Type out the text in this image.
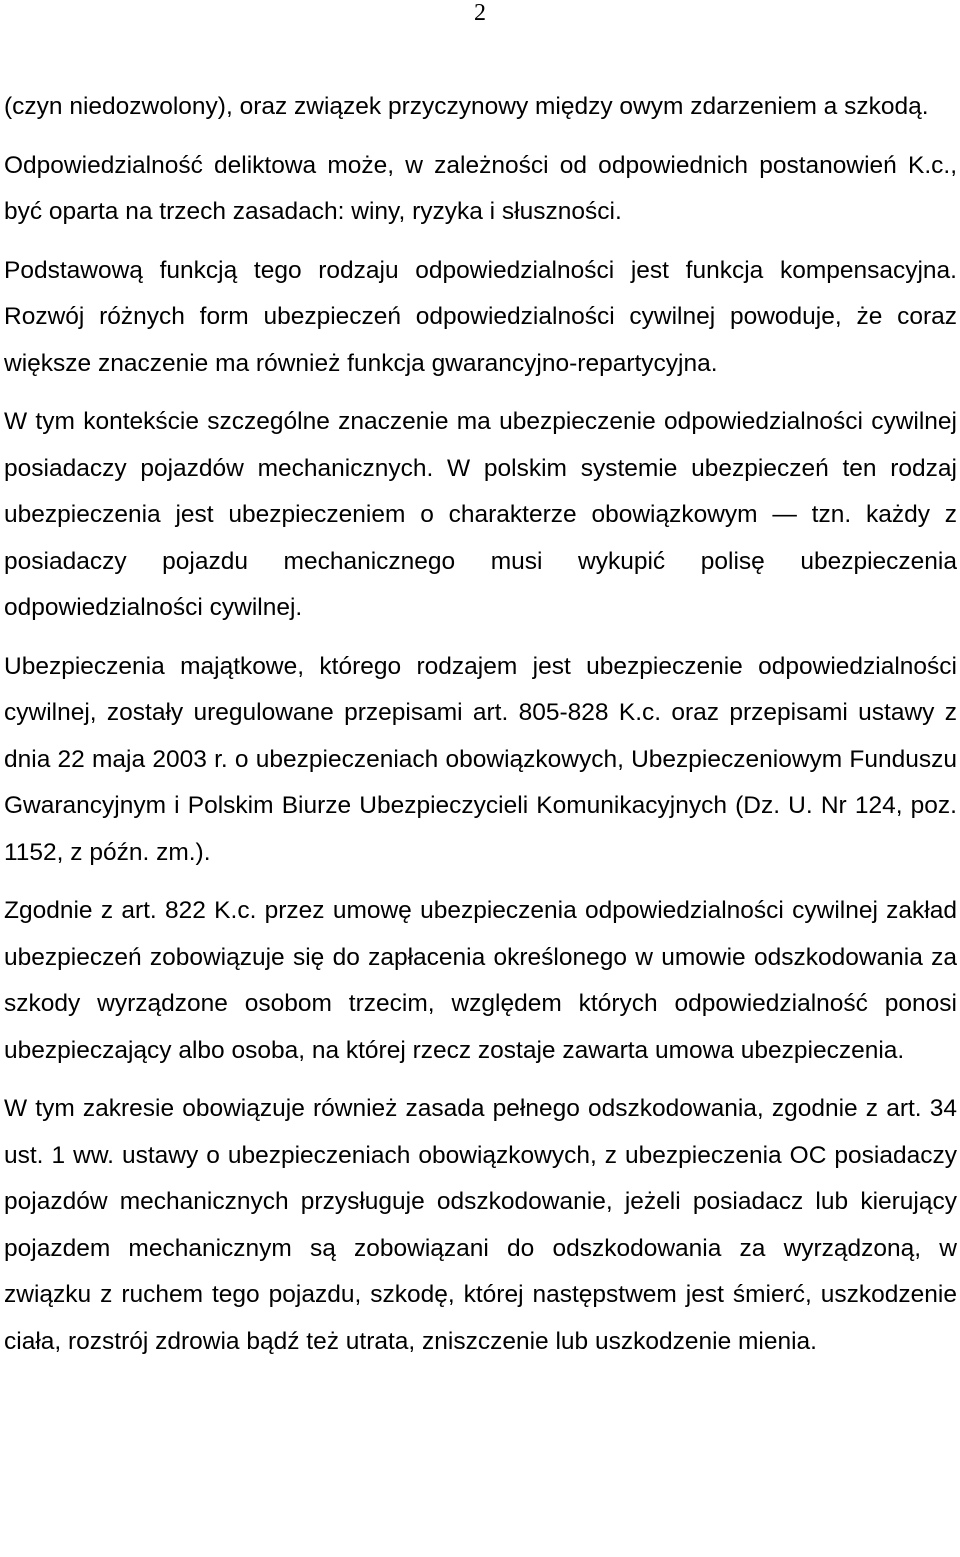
2

(czyn niedozwolony), oraz związek przyczynowy między owym zdarzeniem a szkodą.

Odpowiedzialność deliktowa może, w zależności od odpowiednich postanowień K.c., być oparta na trzech zasadach: winy, ryzyka i słuszności.

Podstawową funkcją tego rodzaju odpowiedzialności jest funkcja kompensacyjna. Rozwój różnych form ubezpieczeń odpowiedzialności cywilnej powoduje, że coraz większe znaczenie ma również funkcja gwarancyjno-repartycyjna.

W tym kontekście szczególne znaczenie ma ubezpieczenie odpowiedzialności cywilnej posiadaczy pojazdów mechanicznych. W polskim systemie ubezpieczeń ten rodzaj ubezpieczenia jest ubezpieczeniem o charakterze obowiązkowym — tzn. każdy z posiadaczy pojazdu mechanicznego musi wykupić polisę ubezpieczenia odpowiedzialności cywilnej.

Ubezpieczenia majątkowe, którego rodzajem jest ubezpieczenie odpowiedzialności cywilnej, zostały uregulowane przepisami art. 805-828 K.c. oraz przepisami ustawy z dnia 22 maja 2003 r. o ubezpieczeniach obowiązkowych, Ubezpieczeniowym Funduszu Gwarancyjnym i Polskim Biurze Ubezpieczycieli Komunikacyjnych (Dz. U. Nr 124, poz. 1152, z późn. zm.).

Zgodnie z art. 822 K.c. przez umowę ubezpieczenia odpowiedzialności cywilnej zakład ubezpieczeń zobowiązuje się do zapłacenia określonego w umowie odszkodowania za szkody wyrządzone osobom trzecim, względem których odpowiedzialność ponosi ubezpieczający albo osoba, na której rzecz zostaje zawarta umowa ubezpieczenia.

W tym zakresie obowiązuje również zasada pełnego odszkodowania, zgodnie z art. 34 ust. 1 ww. ustawy o ubezpieczeniach obowiązkowych, z ubezpieczenia OC posiadaczy pojazdów mechanicznych przysługuje odszkodowanie, jeżeli posiadacz lub kierujący pojazdem mechanicznym są zobowiązani do odszkodowania za wyrządzoną, w związku z ruchem tego pojazdu, szkodę, której następstwem jest śmierć, uszkodzenie ciała, rozstrój zdrowia bądź też utrata, zniszczenie lub uszkodzenie mienia.
